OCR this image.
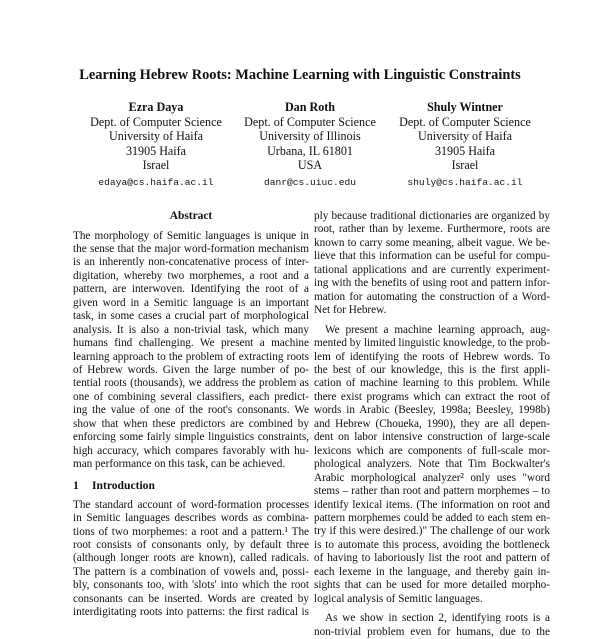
Learning Hebrew Roots: Machine Learning with Linguistic Constraints
Ezra Daya
Dept. of Computer Science
University of Haifa
31905 Haifa
Israel
edaya@cs.haifa.ac.il
Dan Roth
Dept. of Computer Science
University of Illinois
Urbana, IL 61801
USA
danr@cs.uiuc.edu
Shuly Wintner
Dept. of Computer Science
University of Haifa
31905 Haifa
Israel
shuly@cs.haifa.ac.il
Abstract
The morphology of Semitic languages is unique in
the sense that the major word-formation mechanism
is an inherently non-concatenative process of inter-
digitation, whereby two morphemes, a root and a
pattern, are interwoven. Identifying the root of a
given word in a Semitic language is an important
task, in some cases a crucial part of morphological
analysis. It is also a non-trivial task, which many
humans find challenging. We present a machine
learning approach to the problem of extracting roots
of Hebrew words. Given the large number of po-
tential roots (thousands), we address the problem as
one of combining several classifiers, each predict-
ing the value of one of the root's consonants. We
show that when these predictors are combined by
enforcing some fairly simple linguistics constraints,
high accuracy, which compares favorably with hu-
man performance on this task, can be achieved.
1 Introduction
The standard account of word-formation processes
in Semitic languages describes words as combina-
tions of two morphemes: a root and a pattern.¹ The
root consists of consonants only, by default three
(although longer roots are known), called radicals.
The pattern is a combination of vowels and, possi-
bly, consonants too, with 'slots' into which the root
consonants can be inserted. Words are created by
interdigitating roots into patterns: the first radical is
ply because traditional dictionaries are organized by
root, rather than by lexeme. Furthermore, roots are
known to carry some meaning, albeit vague. We be-
lieve that this information can be useful for compu-
tational applications and are currently experiment-
ing with the benefits of using root and pattern infor-
mation for automating the construction of a Word-
Net for Hebrew.
We present a machine learning approach, aug-
mented by limited linguistic knowledge, to the prob-
lem of identifying the roots of Hebrew words. To
the best of our knowledge, this is the first appli-
cation of machine learning to this problem. While
there exist programs which can extract the root of
words in Arabic (Beesley, 1998a; Beesley, 1998b)
and Hebrew (Choueka, 1990), they are all depen-
dent on labor intensive construction of large-scale
lexicons which are components of full-scale mor-
phological analyzers. Note that Tim Bockwalter's
Arabic morphological analyzer² only uses "word
stems – rather than root and pattern morphemes – to
identify lexical items. (The information on root and
pattern morphemes could be added to each stem en-
try if this were desired.)" The challenge of our work
is to automate this process, avoiding the bottleneck
of having to laboriously list the root and pattern of
each lexeme in the language, and thereby gain in-
sights that can be used for more detailed morpho-
logical analysis of Semitic languages.
As we show in section 2, identifying roots is a
non-trivial problem even for humans, due to the
